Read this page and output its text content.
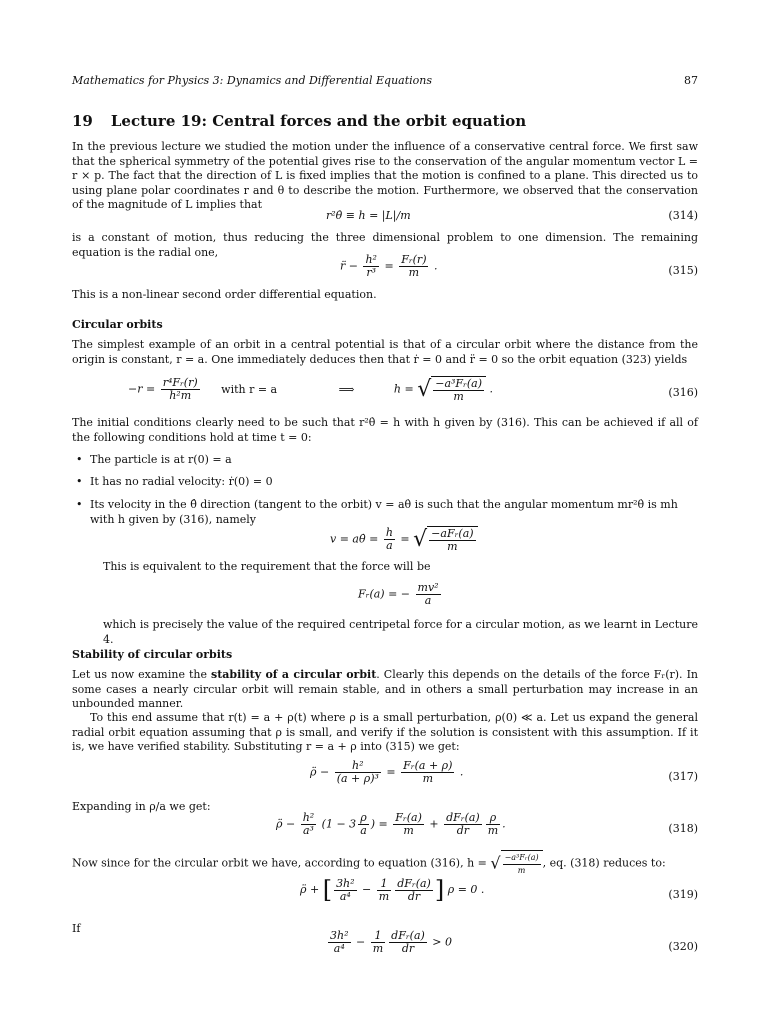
Mathematics for Physics 3: Dynamics and Differential Equations	87
19 Lecture 19: Central forces and the orbit equation
In the previous lecture we studied the motion under the influence of a conservative central force. We first saw that the spherical symmetry of the potential gives rise to the conservation of the angular momentum vector L = r × p. The fact that the direction of L is fixed implies that the motion is confined to a plane. This directed us to using plane polar coordinates r and θ to describe the motion. Furthermore, we observed that the conservation of the magnitude of L implies that
r²θ̇ ≡ h = |L|/m	(314)
is a constant of motion, thus reducing the three dimensional problem to one dimension. The remaining equation is the radial one,
r̈ − $\frac{\text{h²}}{\text{r³}} = \frac{\text{Fᵣ(r)}}{m}$ .	(315)
This is a non-linear second order differential equation.
Circular orbits
The simplest example of an orbit in a central potential is that of a circular orbit where the distance from the origin is constant, r = a. One immediately deduces then that ṙ = 0 and r̈ = 0 so the orbit equation (323) yields
$-r = \frac{\text{r⁴Fᵣ(r)}}{\text{h²m}}$ with r = a	⟹	h = √ $\frac{\text{−a³Fᵣ(a)}}{m}$ .	(316)
The initial conditions clearly need to be such that r²θ̇ = h with h given by (316). This can be achieved if all of the following conditions hold at time t = 0:
• The particle is at r(0) = a
• It has no radial velocity: ṙ(0) = 0
• Its velocity in the θ̂ direction (tangent to the orbit) v = aθ̇ is such that the angular momentum mr²θ̇ is mh with h given by (316), namely
v = aθ̇ = $\frac{h}{a}$ = √ $\frac{\text{−aFᵣ(a)}}{m}$
This is equivalent to the requirement that the force will be
Fᵣ(a) = − $\frac{\text{mv²}}{a}$
which is precisely the value of the required centripetal force for a circular motion, as we learnt in Lecture 4.
Stability of circular orbits
Let us now examine the stability of a circular orbit. Clearly this depends on the details of the force Fᵣ(r). In some cases a nearly circular orbit will remain stable, and in others a small perturbation may increase in an unbounded manner.
To this end assume that r(t) = a + ρ(t) where ρ is a small perturbation, ρ(0) ≪ a. Let us expand the general radial orbit equation assuming that ρ is small, and verify if the solution is consistent with this assumption. If it is, we have verified stability. Substituting r = a + ρ into (315) we get:
ρ̈ − $\frac{\text{h²}}{\text{(a + ρ)³}} = \frac{\text{Fᵣ(a + ρ)}}{m}$ .	(317)
Expanding in ρ/a we get:
ρ̈ − $\frac{\text{h²}}{\text{a³}} (1 - 3 \frac{\rho}{a}$ ) = $\frac{\text{Fᵣ(a)}}{m} + \frac{\text{dFᵣ(a)}}{dr} \frac{\rho}{m}$ .	(318)
Now since for the circular orbit we have, according to equation (316), h = √ $\frac{\text{−a³Fᵣ(a)}}{m}$ , eq. (318) reduces to:
ρ̈ + [ $\frac{\text{3h²}}{\text{a⁴}} - \frac{1}{m} \frac{\text{dFᵣ(a)}}{dr}$ ] ρ = 0 .	(319)
If
$\frac{\text{3h²}}{\text{a⁴}} - \frac{1}{m} \frac{\text{dFᵣ(a)}}{dr} > 0$	(320)
